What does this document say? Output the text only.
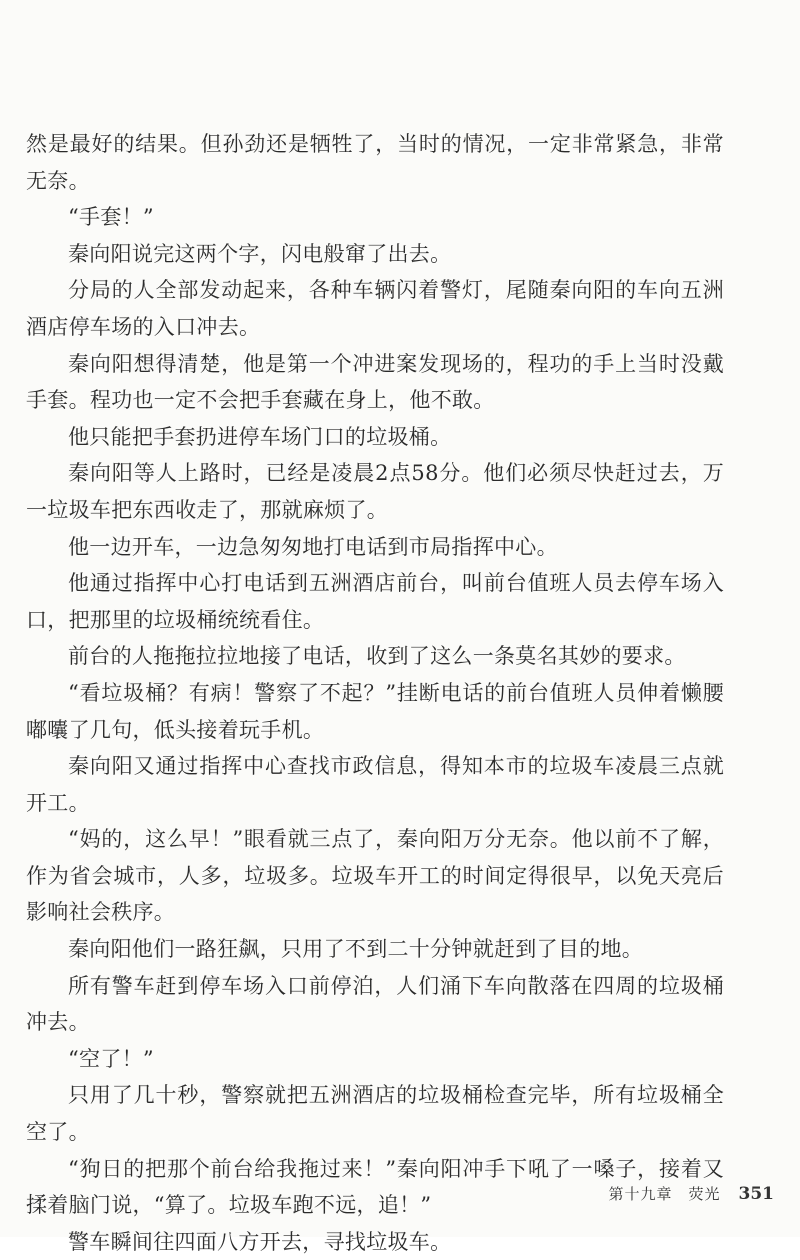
然是最好的结果。但孙劲还是牺牲了，当时的情况，一定非常紧急，非常无奈。

“手套！”

秦向阳说完这两个字，闪电般窜了出去。

分局的人全部发动起来，各种车辆闪着警灯，尾随秦向阳的车向五洲酒店停车场的入口冲去。

秦向阳想得清楚，他是第一个冲进案发现场的，程功的手上当时没戴手套。程功也一定不会把手套藏在身上，他不敢。

他只能把手套扔进停车场门口的垃圾桶。

秦向阳等人上路时，已经是凌晨2点58分。他们必须尽快赶过去，万一垃圾车把东西收走了，那就麻烦了。

他一边开车，一边急匆匆地打电话到市局指挥中心。

他通过指挥中心打电话到五洲酒店前台，叫前台值班人员去停车场入口，把那里的垃圾桶统统看住。

前台的人拖拖拉拉地接了电话，收到了这么一条莫名其妙的要求。

“看垃圾桶？有病！警察了不起？”挂断电话的前台值班人员伸着懒腰嘟囔了几句，低头接着玩手机。

秦向阳又通过指挥中心查找市政信息，得知本市的垃圾车凌晨三点就开工。

“妈的，这么早！”眼看就三点了，秦向阳万分无奈。他以前不了解，作为省会城市，人多，垃圾多。垃圾车开工的时间定得很早，以免天亮后影响社会秩序。

秦向阳他们一路狂飙，只用了不到二十分钟就赶到了目的地。

所有警车赶到停车场入口前停泊，人们涌下车向散落在四周的垃圾桶冲去。

“空了！”

只用了几十秒，警察就把五洲酒店的垃圾桶检查完毕，所有垃圾桶全空了。

“狗日的把那个前台给我拖过来！”秦向阳冲手下吼了一嗓子，接着又揉着脑门说，“算了。垃圾车跑不远，追！”

警车瞬间往四面八方开去，寻找垃圾车。

第十九章　荧光 351
